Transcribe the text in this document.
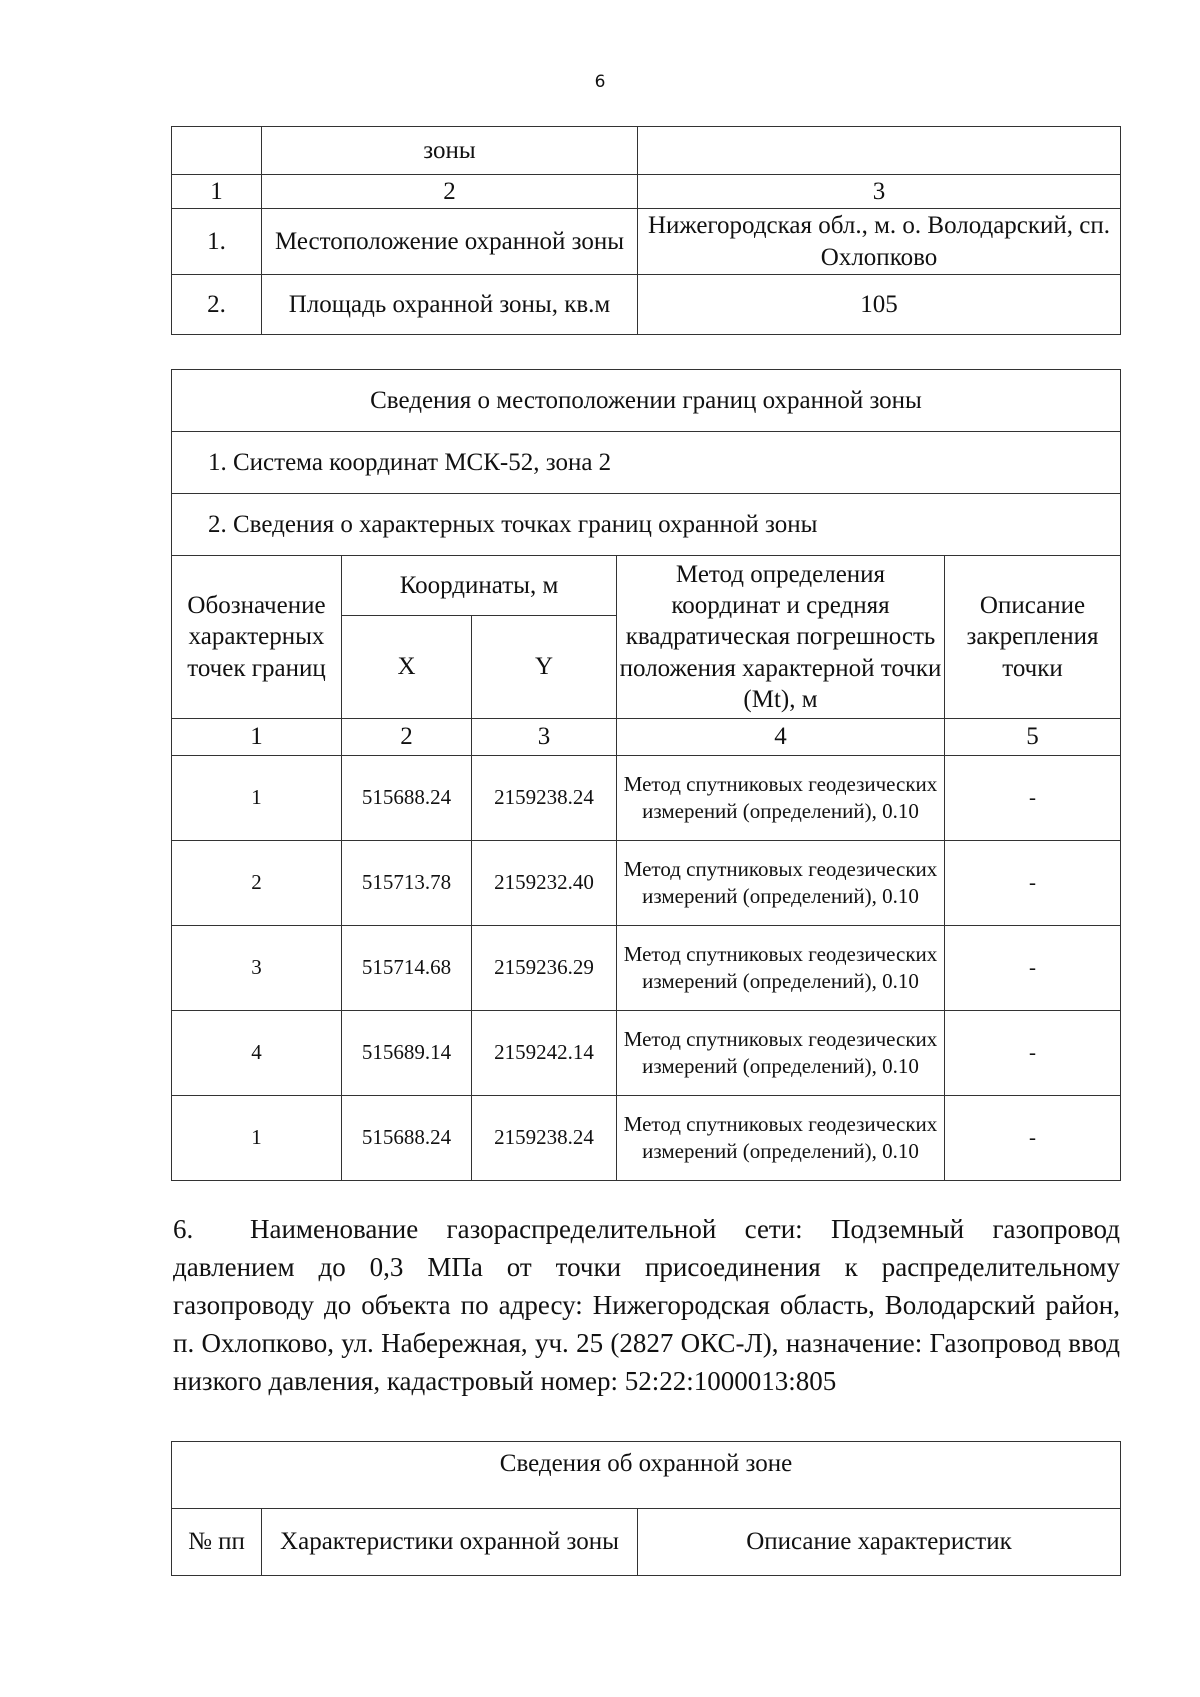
6
	зоны	
1	2	3
1.	Местоположение охранной зоны	Нижегородская обл., м. о. Володарский, сп. Охлопково
2.	Площадь охранной зоны, кв.м	105
Сведения о местоположении границ охранной зоны				
1. Система координат МСК-52, зона 2				
2. Сведения о характерных точках границ охранной зоны				
Обозначение характерных точек границ	Координаты, м		Метод определения координат и средняя квадратическая погрешность положения характерной точки (Mt), м	Описание закрепления точки
	X	Y		
1	2	3	4	5
1	515688.24	2159238.24	Метод спутниковых геодезических измерений (определений), 0.10	-
2	515713.78	2159232.40	Метод спутниковых геодезических измерений (определений), 0.10	-
3	515714.68	2159236.29	Метод спутниковых геодезических измерений (определений), 0.10	-
4	515689.14	2159242.14	Метод спутниковых геодезических измерений (определений), 0.10	-
1	515688.24	2159238.24	Метод спутниковых геодезических измерений (определений), 0.10	-
6. Наименование газораспределительной сети: Подземный газопровод давлением до 0,3 МПа от точки присоединения к распределительному газопроводу до объекта по адресу: Нижегородская область, Володарский район, п. Охлопково, ул. Набережная, уч. 25 (2827 ОКС-Л), назначение: Газопровод ввод низкого давления, кадастровый номер: 52:22:1000013:805
Сведения об охранной зоне
№ пп	Характеристики охранной зоны	Описание характеристик
